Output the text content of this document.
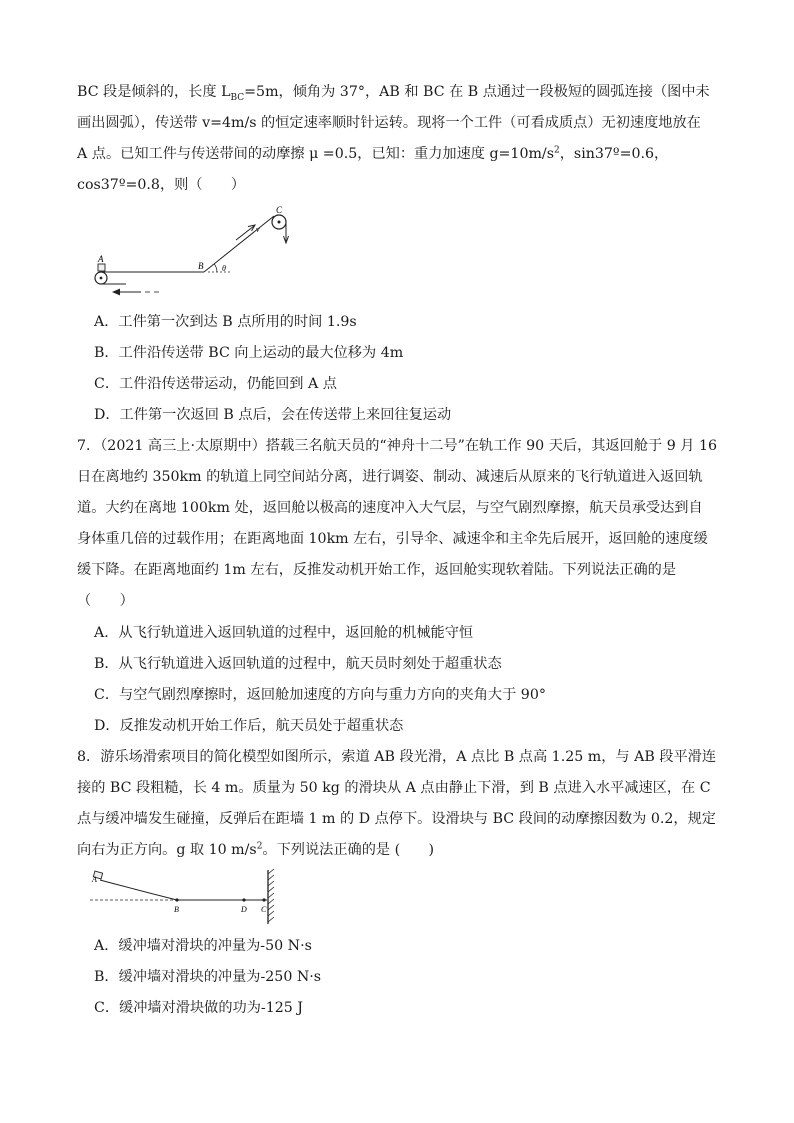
BC 段是倾斜的，长度 $L_{BC}=5m$，倾角为 37°，AB 和 BC 在 B 点通过一段极短的圆弧连接（图中未
画出圆弧），传送带 v=4m/s 的恒定速率顺时针运转。现将一个工件（可看成质点）无初速度地放在
A 点。已知工件与传送带间的动摩擦 μ =0.5，已知：重力加速度 $g=10m/s^2$，sin37º=0.6，
cos37º=0.8，则（　　）
A
B
C
v
θ
A．工件第一次到达 B 点所用的时间 1.9s
B．工件沿传送带 BC 向上运动的最大位移为 4m
C．工件沿传送带运动，仍能回到 A 点
D．工件第一次返回 B 点后，会在传送带上来回往复运动
7．（2021 高三上·太原期中）搭载三名航天员的“神舟十二号”在轨工作 90 天后，其返回舱于 9 月 16
日在离地约 350km 的轨道上同空间站分离，进行调姿、制动、减速后从原来的飞行轨道进入返回轨
道。大约在离地 100km 处，返回舱以极高的速度冲入大气层，与空气剧烈摩擦，航天员承受达到自
身体重几倍的过载作用；在距离地面 10km 左右，引导伞、减速伞和主伞先后展开，返回舱的速度缓
缓下降。在距离地面约 1m 左右，反推发动机开始工作，返回舱实现软着陆。下列说法正确的是
（　　）
A．从飞行轨道进入返回轨道的过程中，返回舱的机械能守恒
B．从飞行轨道进入返回轨道的过程中，航天员时刻处于超重状态
C．与空气剧烈摩擦时，返回舱加速度的方向与重力方向的夹角大于 90°
D．反推发动机开始工作后，航天员处于超重状态
8．游乐场滑索项目的简化模型如图所示，索道 AB 段光滑，A 点比 B 点高 1.25 m，与 AB 段平滑连
接的 BC 段粗糙，长 4 m。质量为 50 kg 的滑块从 A 点由静止下滑，到 B 点进入水平减速区，在 C
点与缓冲墙发生碰撞，反弹后在距墙 1 m 的 D 点停下。设滑块与 BC 段间的动摩擦因数为 0.2，规定
向右为正方向。g 取 10 $m/s^2$。下列说法正确的是 (　　)
A
B	D C
A．缓冲墙对滑块的冲量为-50 N·s
B．缓冲墙对滑块的冲量为-250 N·s
C．缓冲墙对滑块做的功为-125 J
